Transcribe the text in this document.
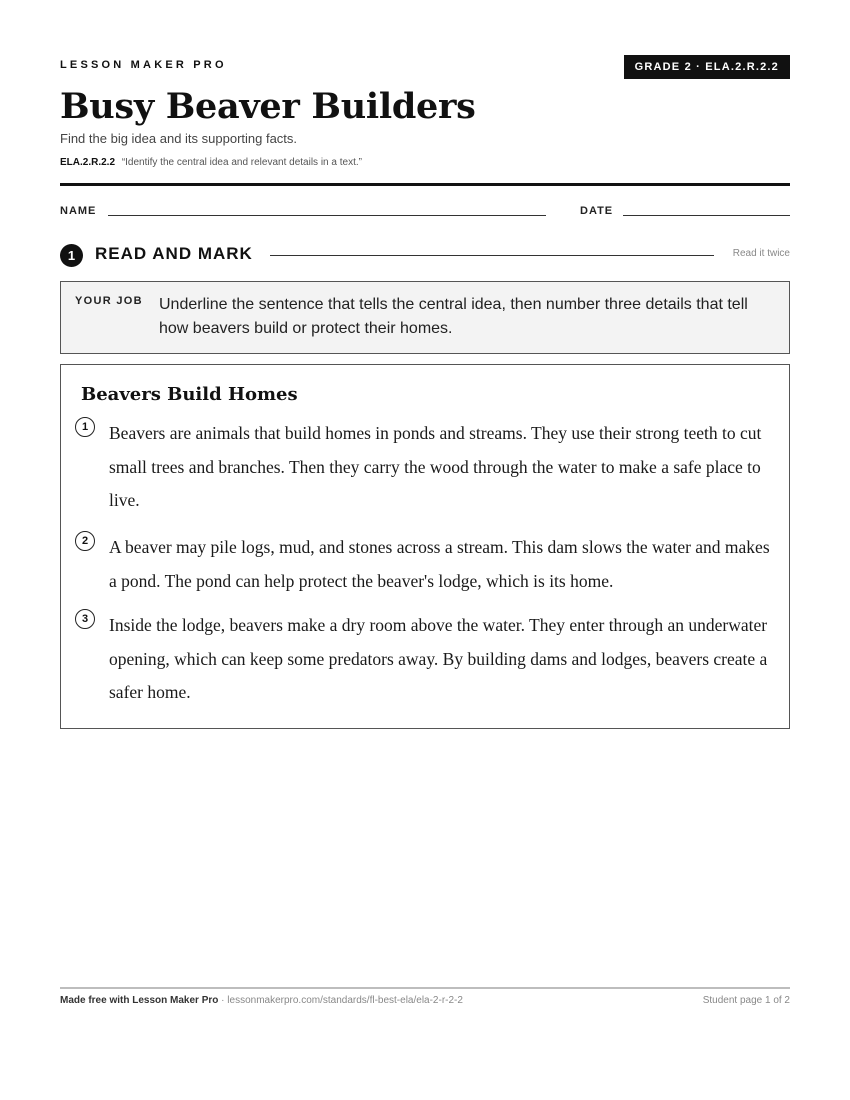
LESSON MAKER PRO	GRADE 2 · ELA.2.R.2.2
Busy Beaver Builders
Find the big idea and its supporting facts.
ELA.2.R.2.2 “Identify the central idea and relevant details in a text.”
NAME	DATE
1	READ AND MARK	Read it twice
YOUR JOB Underline the sentence that tells the central idea, then number three details that tell how beavers build or protect their homes.
Beavers Build Homes
1	Beavers are animals that build homes in ponds and streams. They use their strong teeth to cut small trees and branches. Then they carry the wood through the water to make a safe place to live.
2	A beaver may pile logs, mud, and stones across a stream. This dam slows the water and makes a pond. The pond can help protect the beaver's lodge, which is its home.
3	Inside the lodge, beavers make a dry room above the water. They enter through an underwater opening, which can keep some predators away. By building dams and lodges, beavers create a safer home.
Made free with Lesson Maker Pro · lessonmakerpro.com/standards/fl-best-ela/ela-2-r-2-2	Student page 1 of 2
